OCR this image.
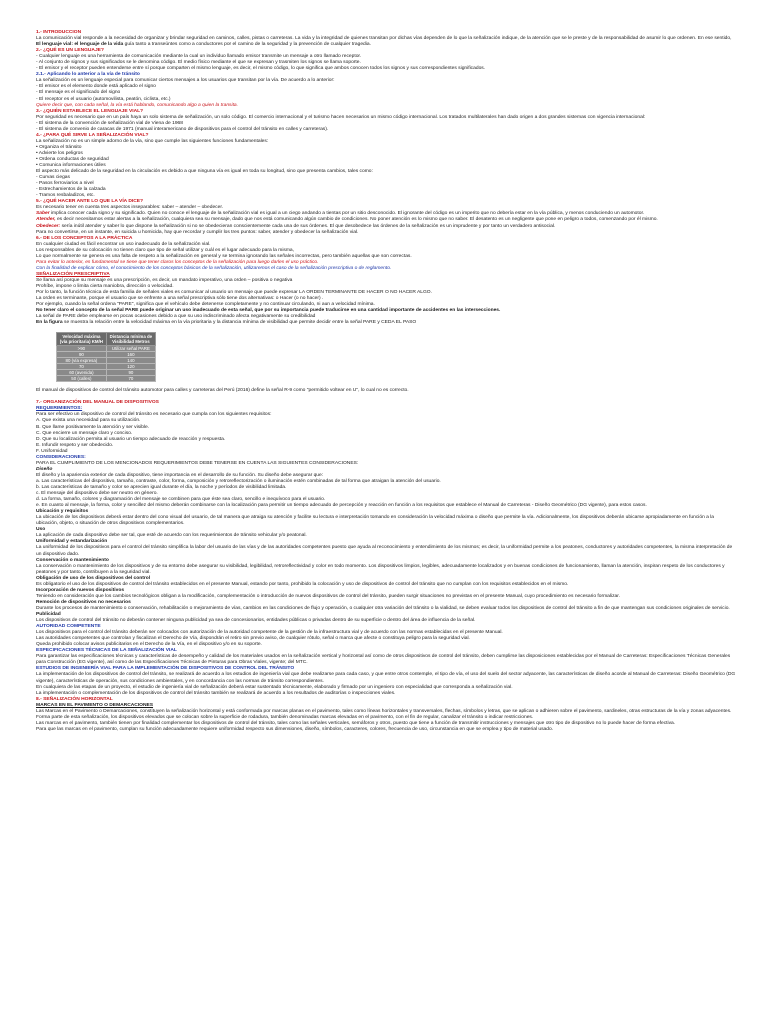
1.- INTRODUCCIÓN

La comunicación vial responde a la necesidad de organizar y brindar seguridad en caminos, calles, pistas o carreteras. La vida y la integridad de quienes transitan por dichas vías dependen de lo que la señalización indique, de la atención que se le preste y de la responsabilidad de asumir lo que ordenen. En ese sentido, El lenguaje vial: el lenguaje de la vida guía tanto a transeúntes como a conductores por el camino de la seguridad y la prevención de cualquier tragedia.

2.- ¿QUÉ ES UN LENGUAJE?

- Cualquier lenguaje es una herramienta de comunicación mediante la cual un individuo llamado emisor transmite un mensaje a otro llamado receptor.
- Al conjunto de signos y sus significados se le denomina código. El medio físico mediante el que se expresan y trasmiten los signos se llama soporte.
- El emisor y el receptor pueden entenderse entre sí porque comparten el mismo lenguaje, es decir, el mismo código, lo que significa que ambos conocen todos los signos y sus correspondientes significados.

2.1.- Aplicando lo anterior a la vía de tránsito

La señalización es un lenguaje especial para comunicar ciertos mensajes a los usuarios que transitan por la vía. De acuerdo a lo anterior:
- El emisor es el elemento donde está aplicado el signo
- El mensaje es el significado del signo
- El receptor es el usuario (automovilista, peatón, ciclista, etc.)

Quiere decir que, con cada señal, la vía está hablando, comunicando algo a quien la transita.

3.- ¿QUIÉN ESTABLECE EL LENGUAJE VIAL?

Por seguridad es necesario que en un país haya un solo sistema de señalización, un solo código. El comercio internacional y el turismo hacen necesarios un mismo código internacional. Los tratados multilaterales han dado origen a dos grandes sistemas con vigencia internacional:
- El sistema de la convención de señalización vial de Viena de 1968
- El sistema de convenio de caracas de 1971 (manual interamericano de dispositivos para el control del tránsito en calles y carreteras).

4.- ¿PARA QUÉ SIRVE LA SEÑALIZACIÓN VIAL?

La señalización no es un simple adorno de la vía, sino que cumple las siguientes funciones fundamentales:
• Organiza el tránsito
• Advierte los peligros
• Ordena conductas de seguridad
• Comunica informaciones útiles
El aspecto más delicado de la seguridad en la circulación es debido a que ninguna vía es igual en toda su longitud, sino que presenta cambios, tales como:
- Curvas ciegas
- Pasos ferroviarios a nivel
- Estrechamientos de la calzada
- Tramos resbaladizos, etc.

5.- ¿QUÉ HACER ANTE LO QUE LA VÍA DICE?

Es necesario tener en cuenta tres aspectos inseparables: saber – atender – obedecer.

Saber implica conocer cada signo y su significado. Quien no conoce el lenguaje de la señalización vial es igual a un ciego andando a tientas por un sitio desconocido. El ignorante del código es un imperito que no debería estar en la vía pública, y menos conduciendo un automotor.

Atender, es decir necesitamos estar alertas a la señalización, cualquiera sea su mensaje, dado que nos está comunicando algún cambio de condiciones. No poner atención es lo mismo que no saber. El desatento es un negligente que pone en peligro a todos, comenzando por él mismo.

Obedecer: sería inútil atender y saber lo que dispone la señalización si no se obedecieran conscientemente cada una de sus órdenes. El que desobedece las órdenes de la señalización es un imprudente y por tanto un verdadero antisocial.
Para no convertirse, en un instante, en suicida u homicida, hay que recordar y cumplir los tres puntos: saber, atender y obedecer la señalización vial.

6.- DE LOS CONCEPTOS A LA PRÁCTICA

En cualquier ciudad es fácil encontrar un uso inadecuado de la señalización vial.
Los responsables de su colocación no tienen claro que tipo de señal utilizar y cuál es el lugar adecuado para la misma,
Lo que normalmente se genera es una falta de respeto a la señalización en general y se termina ignorando las señales incorrectas, pero también aquellas que son correctas.

Para evitar lo anterior, es fundamental se tiene que tener claros los conceptos de la señalización para luego darles el uso práctico.

Con la finalidad de explicar cómo, el conocimiento de los conceptos básicos de la señalización, utilizaremos el caso de la señalización prescriptiva o de reglamento.

SEÑALIZACIÓN PRESCRIPTIVA

Se llama así porque su mensaje es una prescripción, es decir, un mandato imperativo, una orden – positiva o negativa
Prohíbe, impone o limita cierta maniobra, dirección o velocidad.
Por lo tanto, la función técnica de esta familia de señales viales es comunicar al usuario un mensaje que puede expresar LA ORDEN TERMINANTE DE HACER O NO HACER ALGO.
La orden es terminante, porque el usuario que se enfrente a una señal prescriptiva sólo tiene dos alternativas: o Hacer (o no hacer) .
Por ejemplo, cuando la señal ordena "PARE", significa que el vehículo debe detenerse completamente y no continuar circulando, ni aun a velocidad mínima.

No tener claro el concepto de la señal PARE puede originar un uso inadecuado de esta señal, que por su importancia puede traducirse en una cantidad importante de accidentes en las intersecciones.

La señal de PARE debe emplearse en pocas ocasiones debido a que su uso indiscriminado afecta negativamente su credibilidad

En la figura se muestra la relación entre la velocidad máxima en la vía prioritaria y la distancia mínima de visibilidad que permite decidir entre la señal PARE y CEDA EL PASO

Velocidad máxima (vía prioritaria) KM/H	Distancia mínima de Visibilidad Metros
>90	Utilizar señal PARE
90	160
80 (vía expresa)	140
70	120
60 (avenida)	90
50 (calles)	70

El manual de dispositivos de control del tránsito automotor para calles y carreteras del Perú (2016) define la señal R-9 como "permitido voltear en U", lo cual no es correcto.

7.- ORGANIZACIÓN DEL MANUAL DE DISPOSITIVOS
REQUERIMIENTOS:

Para ser efectivo un dispositivo de control del tránsito es necesario que cumpla con los siguientes requisitos:

A. Que exista una necesidad para su utilización.
B. Que llame positivamente la atención y ser visible.
C. Que encierre un mensaje claro y conciso.
D. Que su localización permita al usuario un tiempo adecuado de reacción y respuesta.
E. Infundir respeto y ser obedecido.
F. Uniformidad

CONSIDERACIONES:

PARA EL CUMPLIMIENTO DE LOS MENCIONADOS REQUERIMIENTOS DEBE TENERSE EN CUENTA LAS SIGUIENTES CONSIDERACIONES:

Diseño

El diseño y la apariencia exterior de cada dispositivo, tiene importancia en el desarrollo de su función. Su diseño debe asegurar que:
a. Las características del dispositivo, tamaño, contraste, color, forma, composición y retroreflectorización o iluminación estén combinadas de tal forma que atraigan la atención del usuario.
b. Las características de tamaño y color se aprecien igual durante el día, la noche y períodos de visibilidad limitada.
c. El mensaje del dispositivo debe ser neutro en género.
d. La forma, tamaño, colores y diagramación del mensaje se combinen para que éste sea claro, sencillo e inequívoco para el usuario.
e. En cuanto al mensaje, la forma, color y sencillez del mismo deberán combinarse con la localización para permitir un tiempo adecuado de percepción y reacción en función a los requisitos que establece el Manual de Carreteras - Diseño Geométrico (DG vigente), para estos casos.

Ubicación y requisitos

La ubicación de los dispositivos deberá estar dentro del cono visual del usuario, de tal manera que atraiga su atención y facilite su lectura e interpretación tomando en consideración la velocidad máxima o diseño que permite la vía. Adicionalmente, los dispositivos deberán ubicarse apropiadamente en función a la ubicación, objeto, o situación de otros dispositivos complementarios.

Uso

La aplicación de cada dispositivo debe ser tal, que esté de acuerdo con los requerimientos de tránsito vehicular y/o peatonal.

Uniformidad y estandarización

La uniformidad de los dispositivos para el control del tránsito simplifica la labor del usuario de las vías y de las autoridades competentes puesto que ayuda al reconocimiento y entendimiento de los mismos; es decir, la uniformidad permite a los peatones, conductores y autoridades competentes, la misma interpretación de un dispositivo dado.

Conservación o mantenimiento

La conservación o mantenimiento de los dispositivos y de su entorno debe asegurar su visibilidad, legibilidad, retroreflectividad y color en todo momento. Los dispositivos limpios, legibles, adecuadamente localizados y en buenas condiciones de funcionamiento, llaman la atención, inspiran respeto de los conductores y peatones y por tanto, contribuyen a la seguridad vial.

Obligación de uso de los dispositivos del control

Es obligatorio el uso de los dispositivos de control del tránsito establecidos en el presente Manual, estando por tanto, prohibido la colocación y uso de dispositivos de control del tránsito que no cumplan con los requisitos establecidos en el mismo.

Incorporación de nuevos dispositivos

Teniendo en consideración que los cambios tecnológicos obligan a la modificación, complementación o introducción de nuevos dispositivos de control del tránsito, pueden surgir situaciones no previstas en el presente Manual, cuyo procedimiento es necesario formalizar.

Remoción de dispositivos no necesarios

Durante los procesos de mantenimiento o conservación, rehabilitación o mejoramiento de vías, cambios en las condiciones de flujo y operación, o cualquier otra variación del tránsito o la vialidad, se deben evaluar todos los dispositivos de control del tránsito a fin de que mantengan sus condiciones originales de servicio.

Publicidad

Los dispositivos de control del tránsito no deberán contener ninguna publicidad ya sea de concesionarios, entidades públicas o privadas dentro de su superficie o dentro del área de influencia de la señal.

AUTORIDAD COMPETENTE

Los dispositivos para el control del tránsito deberán ser colocados con autorización de la autoridad competente de la gestión de la infraestructura vial y de acuerdo con las normas establecidas en el presente Manual.
Las autoridades competentes que controlan y fiscalizan el Derecho de Vía, dispondrán el retiro sin previo aviso, de cualquier rótulo, señal o marca que afecte o constituya peligro para la seguridad vial.
Queda prohibido colocar avisos publicitarios en el Derecho de la Vía, en el dispositivo y/o en su soporte.

ESPECIFICACIONES TÉCNICAS DE LA SEÑALIZACIÓN VIAL

Para garantizar las especificaciones técnicas y características de desempeño y calidad de los materiales usados en la señalización vertical y horizontal así como de otros dispositivos de control del tránsito, deben cumplirse las disposiciones establecidas por el Manual de Carreteras: Especificaciones Técnicas Generales para Construcción (EG vigente), así como de las Especificaciones Técnicas de Pinturas para Obras Viales, vigente; del MTC.

ESTUDIOS DE INGENIERÍA VIAL PARA LA IMPLEMENTACIÓN DE DISPOSITIVOS DE CONTROL DEL TRÁNSITO

La implementación de los dispositivos de control del tránsito, se realizará de acuerdo a los estudios de ingeniería vial que debe realizarse para cada caso, y que entre otros contemple, el tipo de vía, el uso del suelo del sector adyacente, las características de diseño acorde al Manual de Carreteras: Diseño Geométrico (DG vigente), características de operación, sus condiciones ambientales, y en concordancia con las normas de tránsito correspondientes.
En cualquiera de las etapas de un proyecto, el estudio de ingeniería vial de señalización deberá estar sustentado técnicamente, elaborado y firmado por un ingeniero con especialidad que corresponda a señalización vial.
La implementación o complementación de los dispositivos de control del tránsito también se realizará de acuerdo a los resultados de auditorías o inspecciones viales.

8.- SEÑALIZACIÓN HORIZONTAL
MARCAS EN EL PAVIMENTO O DEMARCACIONES

Las Marcas en el Pavimento o Demarcaciones, constituyen la señalización horizontal y está conformada por marcas planas en el pavimento, tales como líneas horizontales y transversales, flechas, símbolos y letras, que se aplican o adhieren sobre el pavimento, sardineles, otras estructuras de la vía y zonas adyacentes.
Forma parte de esta señalización, los dispositivos elevados que se colocan sobre la superficie de rodadura, también denominadas marcas elevadas en el pavimento, con el fin de regular, canalizar el tránsito o indicar restricciones.
Las marcas en el pavimento, también tienen por finalidad complementar los dispositivos de control del tránsito, tales como las señales verticales, semáforos y otros, puesto que tiene a función de transmitir instrucciones y mensajes que otro tipo de dispositivo no lo puede hacer de forma efectiva.
Para que las marcas en el pavimento, cumplan su función adecuadamente requiere uniformidad respecto sus dimensiones, diseño, símbolos, caracteres, colores, frecuencia de uso, circunstancia en que se emplea y tipo de material usado.
